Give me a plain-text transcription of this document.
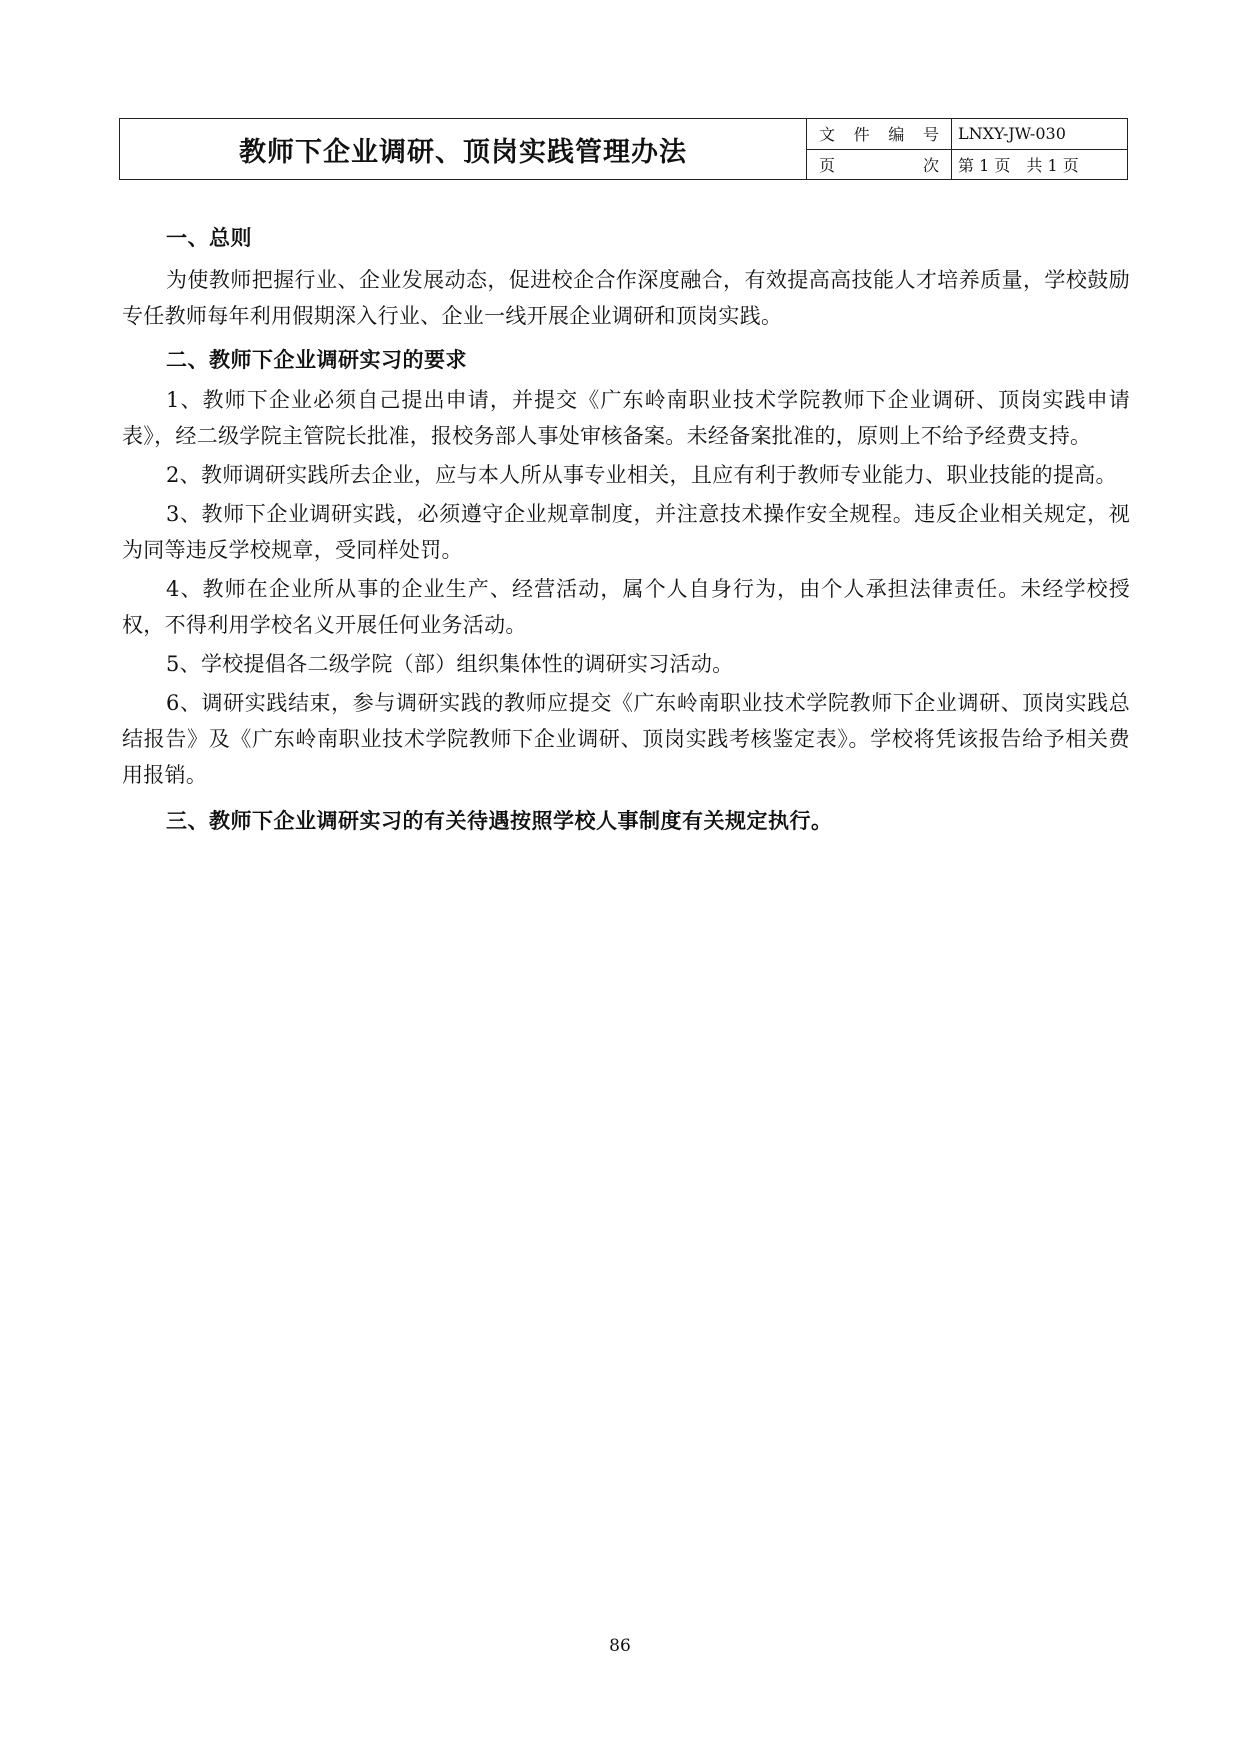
教师下企业调研、顶岗实践管理办法
文 件 编 号	LNXY-JW-030
页	次	第 1 页　共 1 页

一、总则

为使教师把握行业、企业发展动态，促进校企合作深度融合，有效提高高技能人才培养质量，学校鼓励专任教师每年利用假期深入行业、企业一线开展企业调研和顶岗实践。

二、教师下企业调研实习的要求

1、教师下企业必须自己提出申请，并提交《广东岭南职业技术学院教师下企业调研、顶岗实践申请表》，经二级学院主管院长批准，报校务部人事处审核备案。未经备案批准的，原则上不给予经费支持。

2、教师调研实践所去企业，应与本人所从事专业相关，且应有利于教师专业能力、职业技能的提高。

3、教师下企业调研实践，必须遵守企业规章制度，并注意技术操作安全规程。违反企业相关规定，视为同等违反学校规章，受同样处罚。

4、教师在企业所从事的企业生产、经营活动，属个人自身行为，由个人承担法律责任。未经学校授权，不得利用学校名义开展任何业务活动。

5、学校提倡各二级学院（部）组织集体性的调研实习活动。

6、调研实践结束，参与调研实践的教师应提交《广东岭南职业技术学院教师下企业调研、顶岗实践总结报告》及《广东岭南职业技术学院教师下企业调研、顶岗实践考核鉴定表》。学校将凭该报告给予相关费用报销。

三、教师下企业调研实习的有关待遇按照学校人事制度有关规定执行。

86
